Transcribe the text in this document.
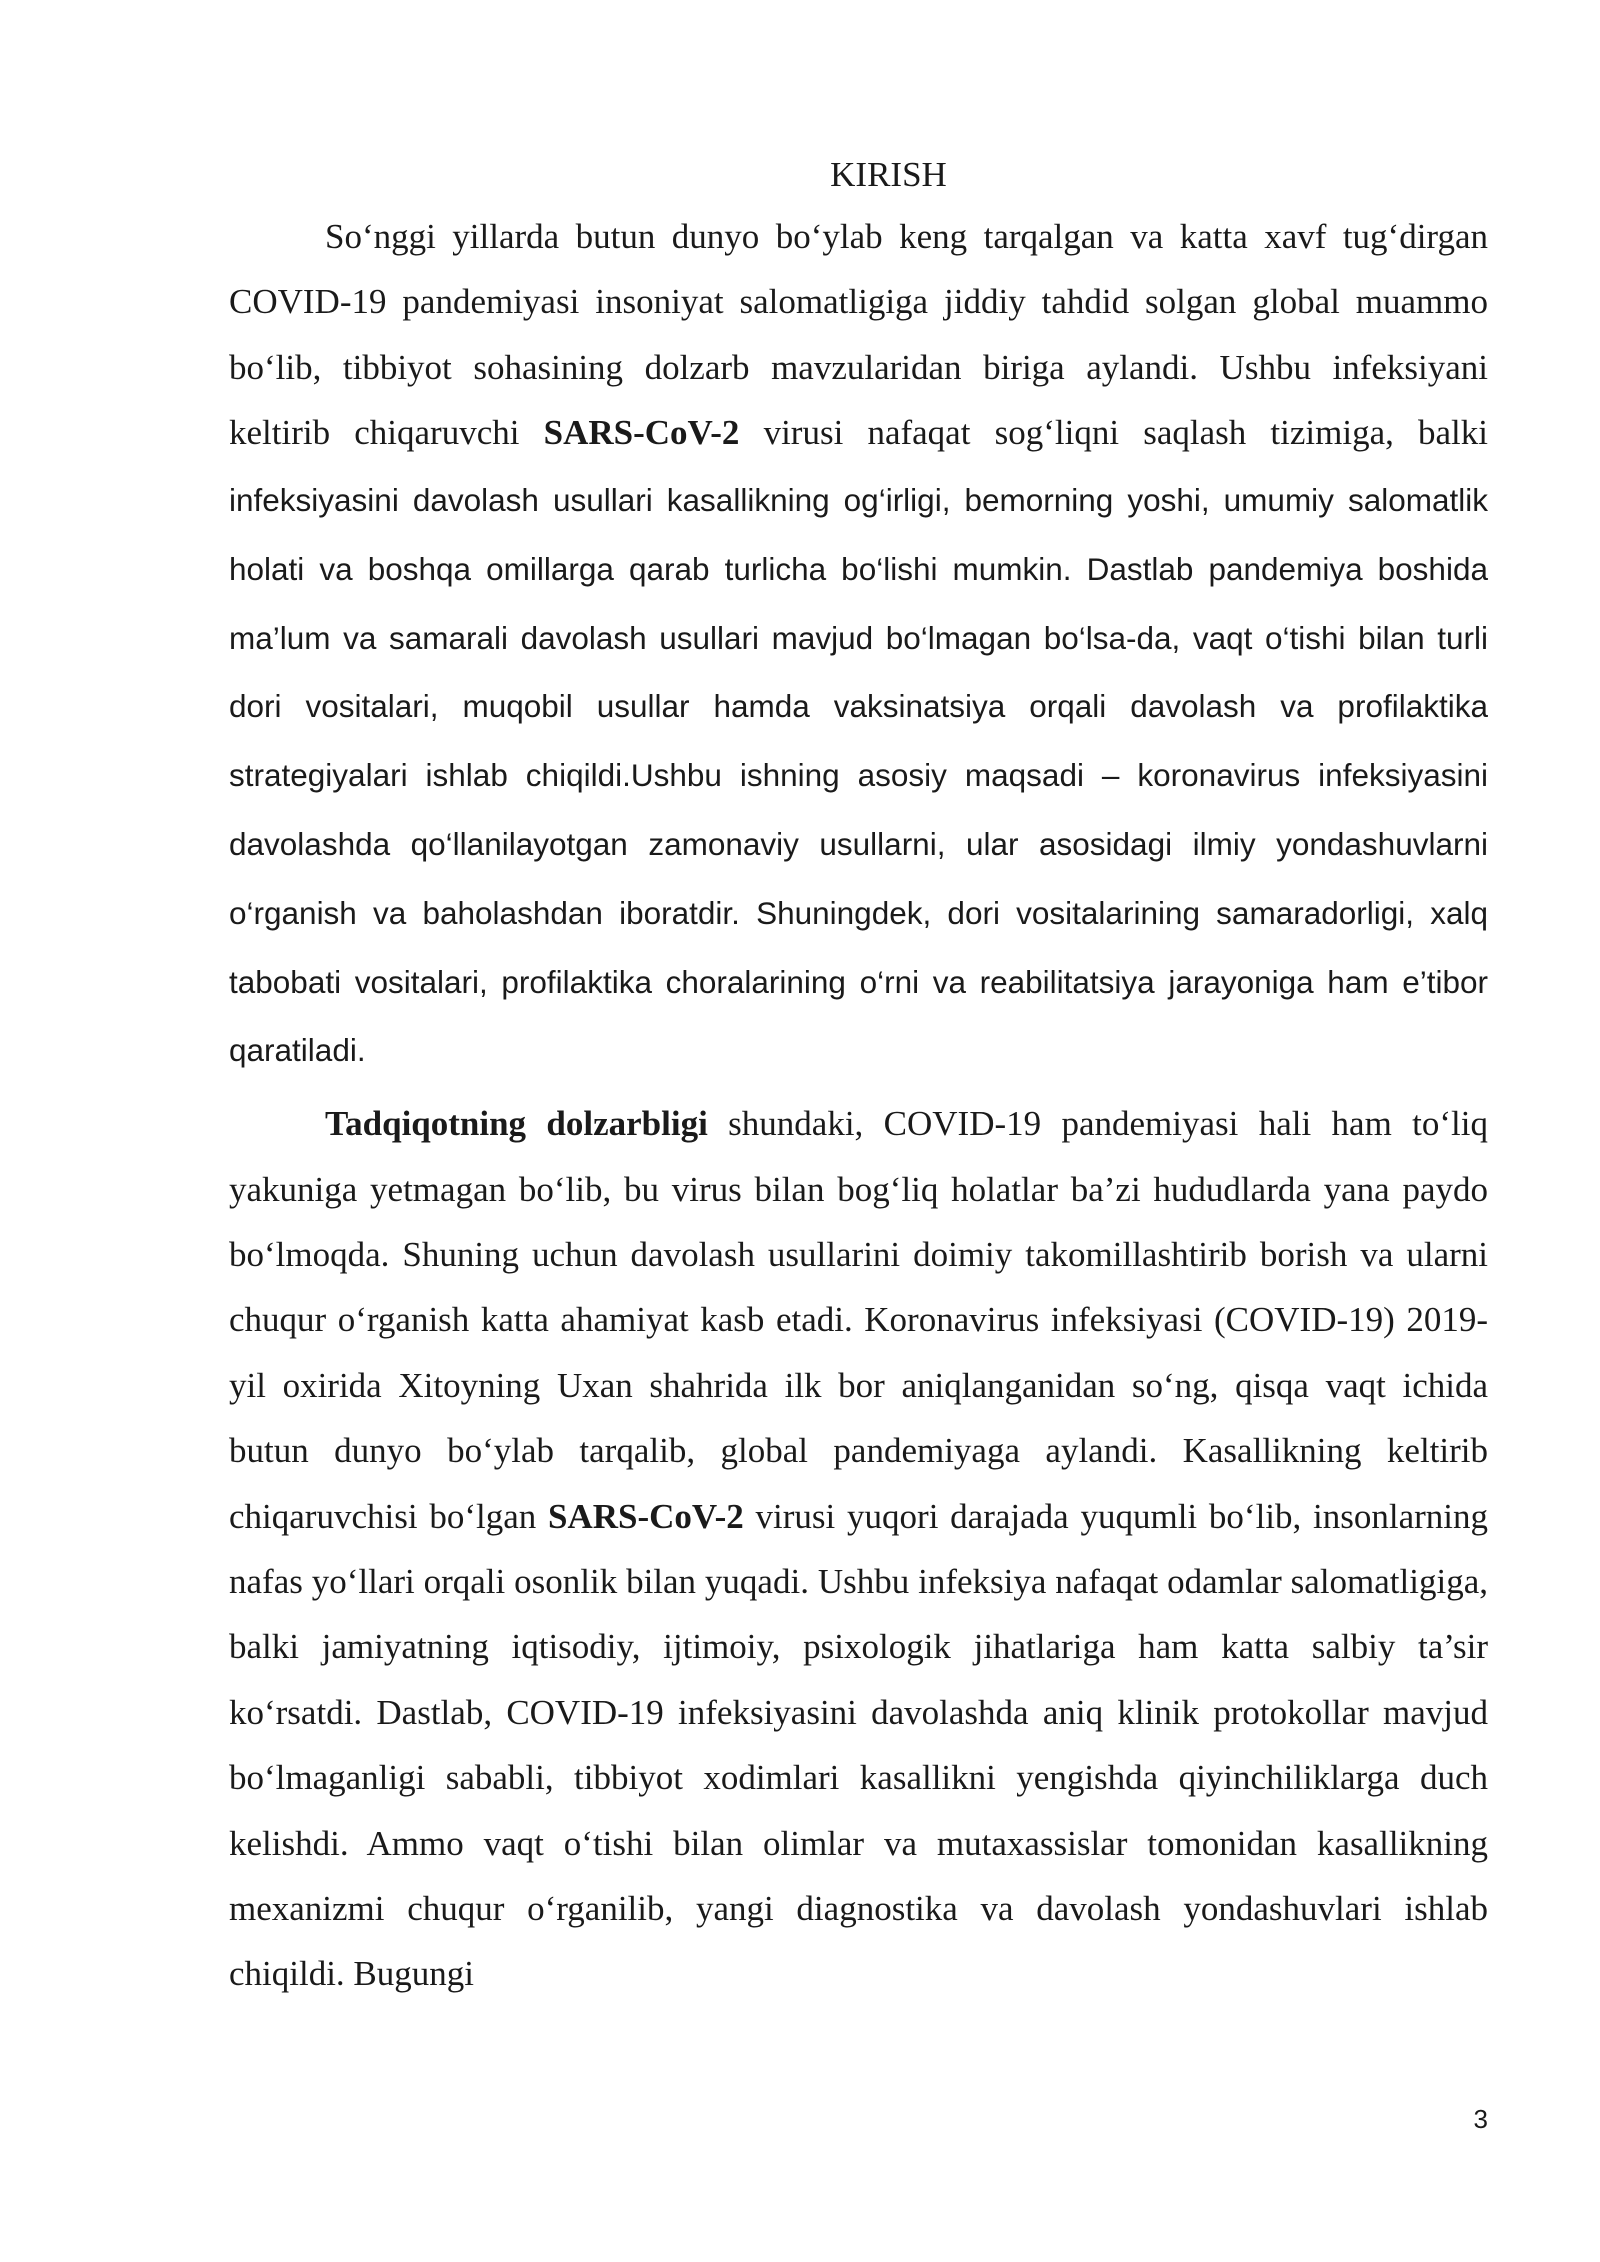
KIRISH

So‘nggi yillarda butun dunyo bo‘ylab keng tarqalgan va katta xavf tug‘dirgan COVID-19 pandemiyasi insoniyat salomatligiga jiddiy tahdid solgan global muammo bo‘lib, tibbiyot sohasining dolzarb mavzularidan biriga aylandi. Ushbu infeksiyani keltirib chiqaruvchi SARS-CoV-2 virusi nafaqat sog‘liqni saqlash tizimiga, balki

infeksiyasini davolash usullari kasallikning og‘irligi, bemorning yoshi, umumiy salomatlik holati va boshqa omillarga qarab turlicha bo‘lishi mumkin. Dastlab pandemiya boshida ma’lum va samarali davolash usullari mavjud bo‘lmagan bo‘lsa-da, vaqt o‘tishi bilan turli dori vositalari, muqobil usullar hamda vaksinatsiya orqali davolash va profilaktika strategiyalari ishlab chiqildi.Ushbu ishning asosiy maqsadi – koronavirus infeksiyasini davolashda qo‘llanilayotgan zamonaviy usullarni, ular asosidagi ilmiy yondashuvlarni o‘rganish va baholashdan iboratdir. Shuningdek, dori vositalarining samaradorligi, xalq tabobati vositalari, profilaktika choralarining o‘rni va reabilitatsiya jarayoniga ham e’tibor qaratiladi.

Tadqiqotning dolzarbligi shundaki, COVID-19 pandemiyasi hali ham to‘liq yakuniga yetmagan bo‘lib, bu virus bilan bog‘liq holatlar ba’zi hududlarda yana paydo bo‘lmoqda. Shuning uchun davolash usullarini doimiy takomillashtirib borish va ularni chuqur o‘rganish katta ahamiyat kasb etadi. Koronavirus infeksiyasi (COVID-19) 2019-yil oxirida Xitoyning Uxan shahrida ilk bor aniqlanganidan so‘ng, qisqa vaqt ichida butun dunyo bo‘ylab tarqalib, global pandemiyaga aylandi. Kasallikning keltirib chiqaruvchisi bo‘lgan SARS-CoV-2 virusi yuqori darajada yuqumli bo‘lib, insonlarning nafas yo‘llari orqali osonlik bilan yuqadi. Ushbu infeksiya nafaqat odamlar salomatligiga, balki jamiyatning iqtisodiy, ijtimoiy, psixologik jihatlariga ham katta salbiy ta’sir ko‘rsatdi. Dastlab, COVID-19 infeksiyasini davolashda aniq klinik protokollar mavjud bo‘lmaganligi sababli, tibbiyot xodimlari kasallikni yengishda qiyinchiliklarga duch kelishdi. Ammo vaqt o‘tishi bilan olimlar va mutaxassislar tomonidan kasallikning mexanizmi chuqur o‘rganilib, yangi diagnostika va davolash yondashuvlari ishlab chiqildi. Bugungi

3
